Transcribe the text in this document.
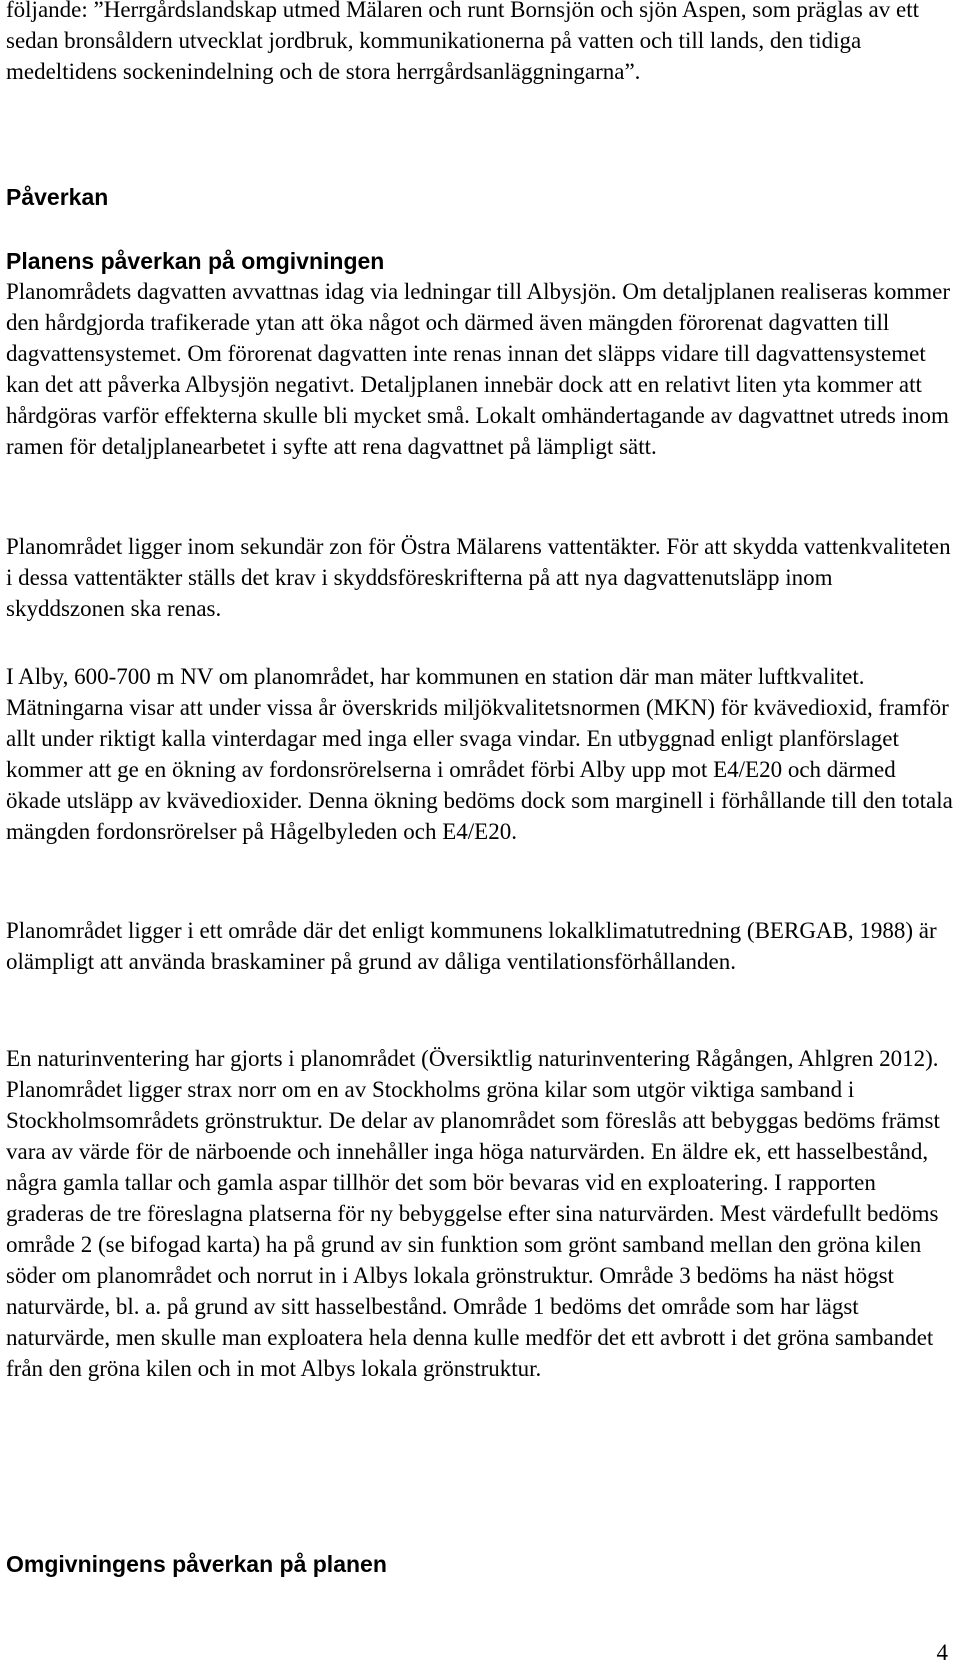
följande: ”Herrgårdslandskap utmed Mälaren och runt Bornsjön och sjön Aspen, som präglas av ett sedan bronsåldern utvecklat jordbruk, kommunikationerna på vatten och till lands, den tidiga medeltidens sockenindelning och de stora herrgårdsanläggningarna”.

Påverkan
Planens påverkan på omgivningen

Planområdets dagvatten avvattnas idag via ledningar till Albysjön. Om detaljplanen realiseras kommer den hårdgjorda trafikerade ytan att öka något och därmed även mängden förorenat dagvatten till dagvattensystemet. Om förorenat dagvatten inte renas innan det släpps vidare till dagvattensystemet kan det att påverka Albysjön negativt. Detaljplanen innebär dock att en relativt liten yta kommer att hårdgöras varför effekterna skulle bli mycket små. Lokalt omhändertagande av dagvattnet utreds inom ramen för detaljplanearbetet i syfte att rena dagvattnet på lämpligt sätt.

Planområdet ligger inom sekundär zon för Östra Mälarens vattentäkter. För att skydda vattenkvaliteten i dessa vattentäkter ställs det krav i skyddsföreskrifterna på att nya dagvattenutsläpp inom skyddszonen ska renas.

I Alby, 600-700 m NV om planområdet, har kommunen en station där man mäter luftkvalitet. Mätningarna visar att under vissa år överskrids miljökvalitetsnormen (MKN) för kvävedioxid, framför allt under riktigt kalla vinterdagar med inga eller svaga vindar. En utbyggnad enligt planförslaget kommer att ge en ökning av fordonsrörelserna i området förbi Alby upp mot E4/E20 och därmed ökade utsläpp av kvävedioxider. Denna ökning bedöms dock som marginell i förhållande till den totala mängden fordonsrörelser på Hågelbyleden och E4/E20.

Planområdet ligger i ett område där det enligt kommunens lokalklimatutredning (BERGAB, 1988) är olämpligt att använda braskaminer på grund av dåliga ventilationsförhållanden.

En naturinventering har gjorts i planområdet (Översiktlig naturinventering Rågången, Ahlgren 2012). Planområdet ligger strax norr om en av Stockholms gröna kilar som utgör viktiga samband i Stockholmsområdets grönstruktur. De delar av planområdet som föreslås att bebyggas bedöms främst vara av värde för de närboende och innehåller inga höga naturvärden. En äldre ek, ett hasselbestånd, några gamla tallar och gamla aspar tillhör det som bör bevaras vid en exploatering. I rapporten graderas de tre föreslagna platserna för ny bebyggelse efter sina naturvärden. Mest värdefullt bedöms område 2 (se bifogad karta) ha på grund av sin funktion som grönt samband mellan den gröna kilen söder om planområdet och norrut in i Albys lokala grönstruktur. Område 3 bedöms ha näst högst naturvärde, bl. a. på grund av sitt hasselbestånd. Område 1 bedöms det område som har lägst naturvärde, men skulle man exploatera hela denna kulle medför det ett avbrott i det gröna sambandet från den gröna kilen och in mot Albys lokala grönstruktur.

Omgivningens påverkan på planen
4
